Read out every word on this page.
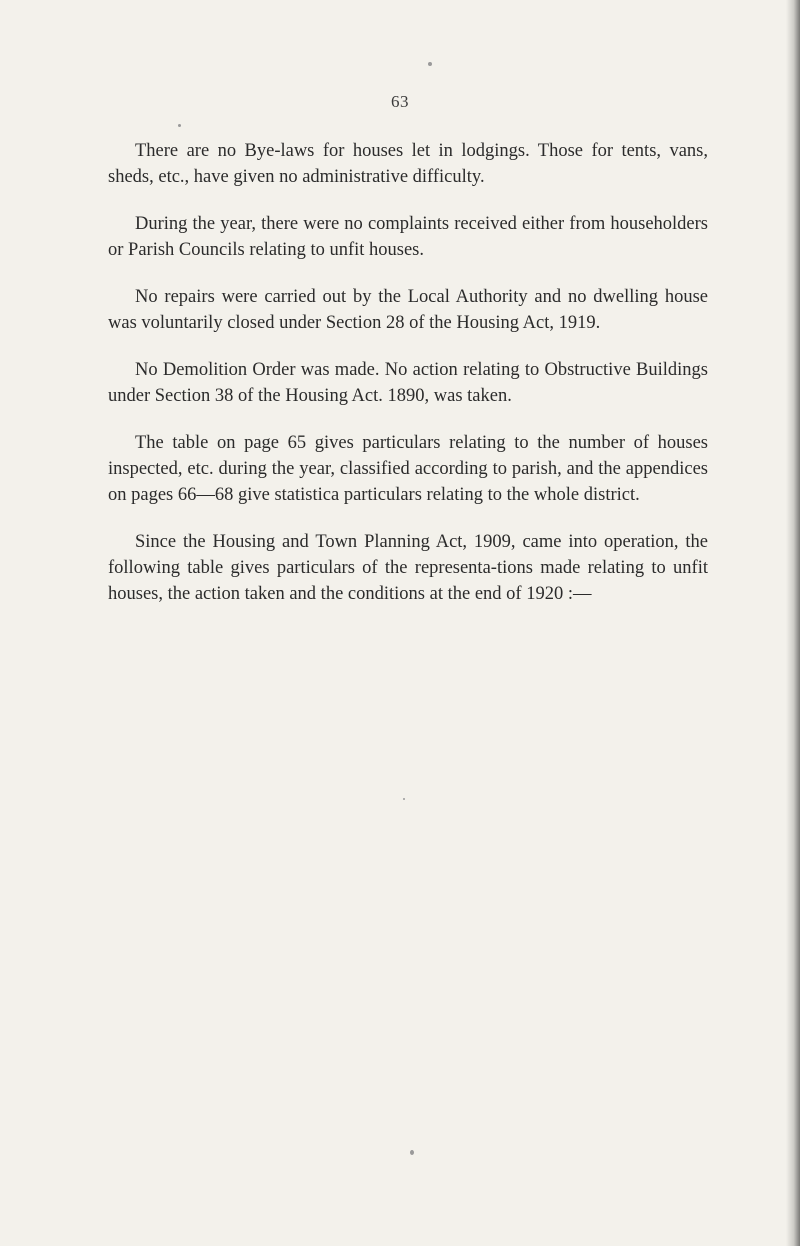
63

There are no Bye-laws for houses let in lodgings. Those for tents, vans, sheds, etc., have given no administrative difficulty.

During the year, there were no complaints received either from householders or Parish Councils relating to unfit houses.

No repairs were carried out by the Local Authority and no dwelling house was voluntarily closed under Section 28 of the Housing Act, 1919.

No Demolition Order was made. No action relating to Obstructive Buildings under Section 38 of the Housing Act. 1890, was taken.

The table on page 65 gives particulars relating to the number of houses inspected, etc. during the year, classified according to parish, and the appendices on pages 66—68 give statistica particulars relating to the whole district.

Since the Housing and Town Planning Act, 1909, came into operation, the following table gives particulars of the representa-tions made relating to unfit houses, the action taken and the conditions at the end of 1920 :—
